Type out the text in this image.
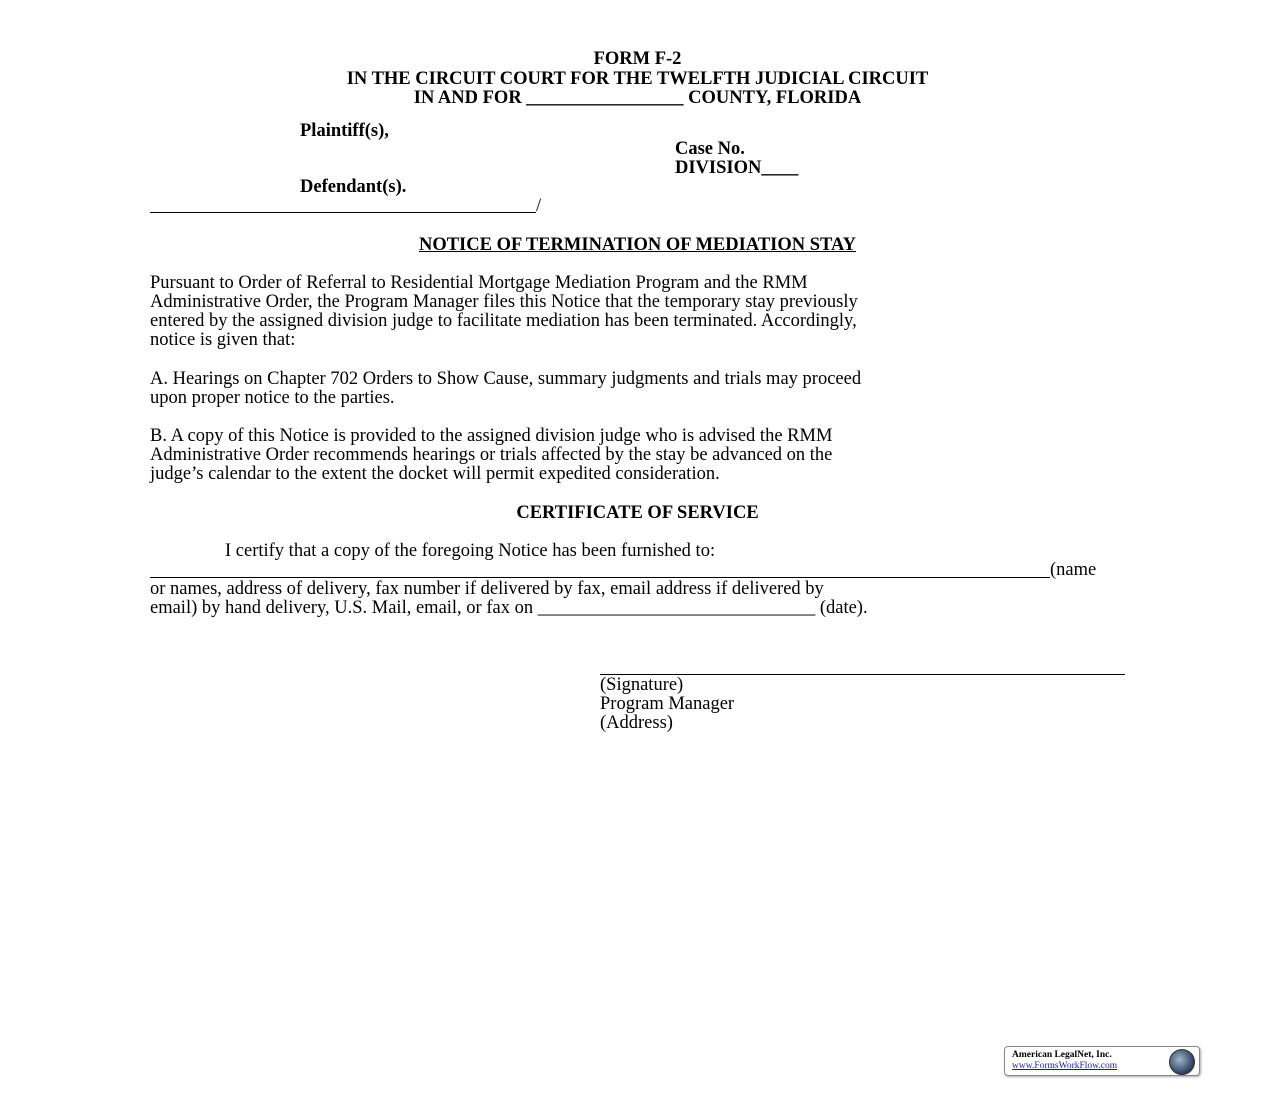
FORM F-2
IN THE CIRCUIT COURT FOR THE TWELFTH JUDICIAL CIRCUIT
IN AND FOR _________________ COUNTY, FLORIDA
Plaintiff(s),
Case No.
DIVISION____
Defendant(s).
/
NOTICE OF TERMINATION OF MEDIATION STAY
Pursuant to Order of Referral to Residential Mortgage Mediation Program and the RMM
Administrative Order, the Program Manager files this Notice that the temporary stay previously
entered by the assigned division judge to facilitate mediation has been terminated. Accordingly,
notice is given that:
A. Hearings on Chapter 702 Orders to Show Cause, summary judgments and trials may proceed
upon proper notice to the parties.
B. A copy of this Notice is provided to the assigned division judge who is advised the RMM
Administrative Order recommends hearings or trials affected by the stay be advanced on the
judge’s calendar to the extent the docket will permit expedited consideration.
CERTIFICATE OF SERVICE
I certify that a copy of the foregoing Notice has been furnished to:
(name
or names, address of delivery, fax number if delivered by fax, email address if delivered by
email) by hand delivery, U.S. Mail, email, or fax on ______________________________ (date).
(Signature)
Program Manager
(Address)
American LegalNet, Inc.
www.FormsWorkFlow.com
